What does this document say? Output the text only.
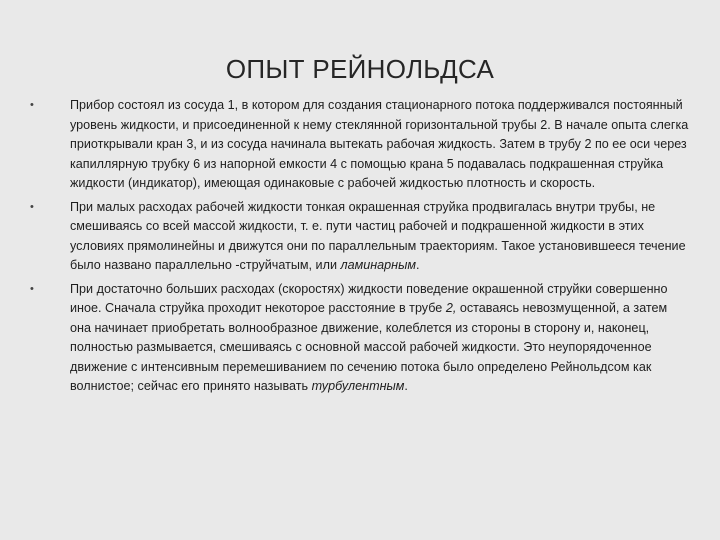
ОПЫТ РЕЙНОЛЬДСА
•	Прибор состоял из сосуда 1, в котором для создания стационарного потока поддерживался постоянный уровень жидкости, и присоединенной к нему стеклянной горизонтальной трубы 2. В начале опыта слегка приоткрывали кран 3, и из сосуда начинала вытекать рабочая жидкость. Затем в трубу 2 по ее оси через капиллярную трубку 6 из напорной емкости 4 с помощью крана 5 подавалась подкрашенная струйка жидкости (индикатор), имеющая одинаковые с рабочей жидкостью плотность и скорость.
•	При малых расходах рабочей жидкости тонкая окрашенная струйка продвигалась внутри трубы, не смешиваясь со всей массой жидкости, т. е. пути частиц рабочей и подкрашенной жидкости в этих условиях прямолинейны и движутся они по параллельным траекториям. Такое установившееся течение было названо параллельно -струйчатым, или ламинарным.
•	При достаточно больших расходах (скоростях) жидкости поведение окрашенной струйки совершенно иное. Сначала струйка проходит некоторое расстояние в трубе 2, оставаясь невозмущенной, а затем она начинает приобретать волнообразное движение, колеблется из стороны в сторону и, наконец, полностью размывается, смешиваясь с основной массой рабочей жидкости. Это неупорядоченное движение с интенсивным перемешиванием по сечению потока было определено Рейнольдсом как волнистое; сейчас его принято называть турбулентным.
